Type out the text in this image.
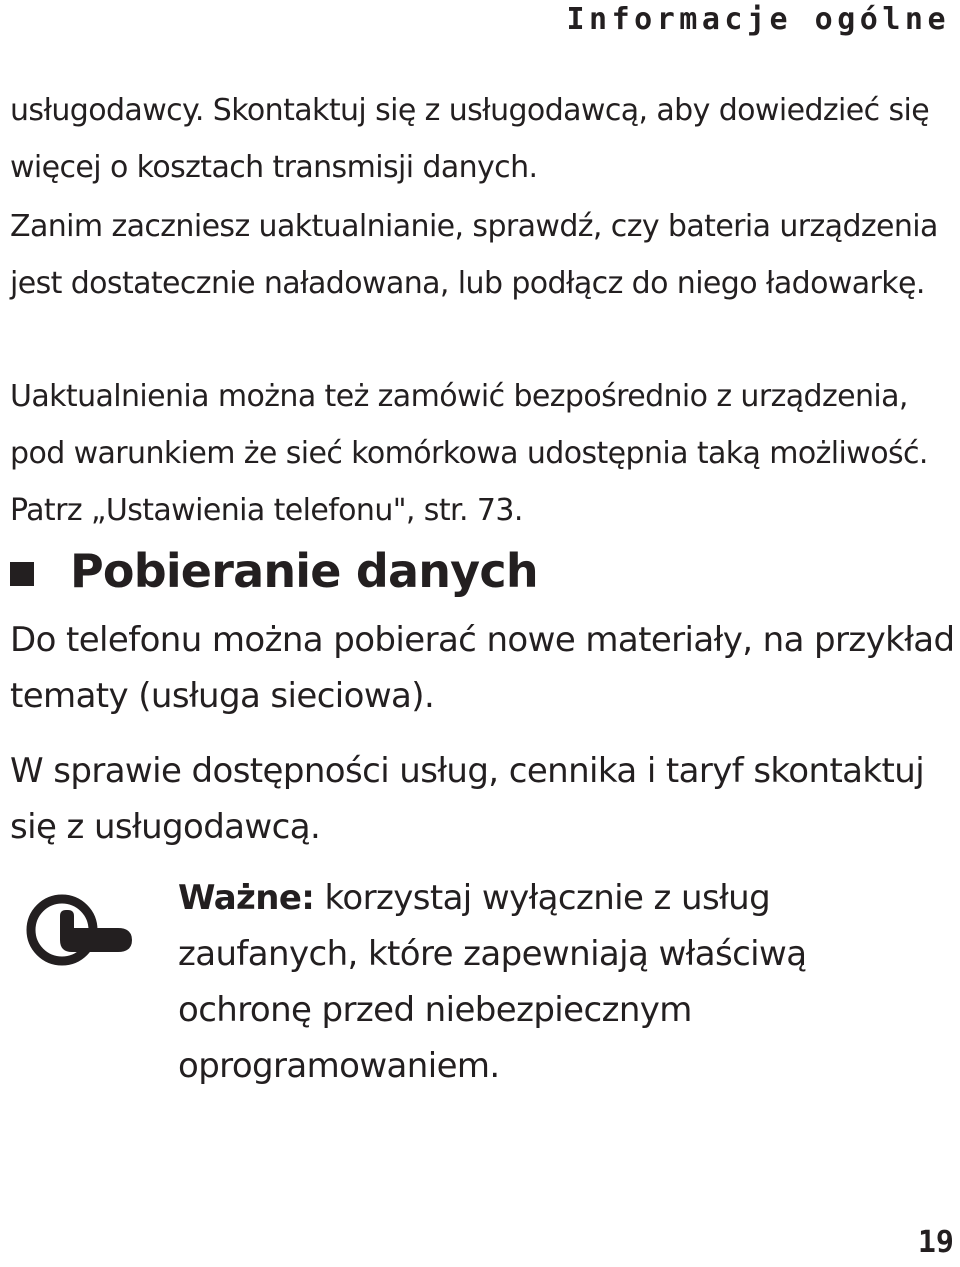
Informacje ogólne

usługodawcy. Skontaktuj się z usługodawcą, aby dowiedzieć się więcej o kosztach transmisji danych.

Zanim zaczniesz uaktualnianie, sprawdź, czy bateria urządzenia jest dostatecznie naładowana, lub podłącz do niego ładowarkę.

Uaktualnienia można też zamówić bezpośrednio z urządzenia, pod warunkiem że sieć komórkowa udostępnia taką możliwość. Patrz „Ustawienia telefonu", str. 73.

Pobieranie danych

Do telefonu można pobierać nowe materiały, na przykład tematy (usługa sieciowa).

W sprawie dostępności usług, cennika i taryf skontaktuj się z usługodawcą.

Ważne: korzystaj wyłącznie z usług zaufanych, które zapewniają właściwą ochronę przed niebezpiecznym oprogramowaniem.

19
